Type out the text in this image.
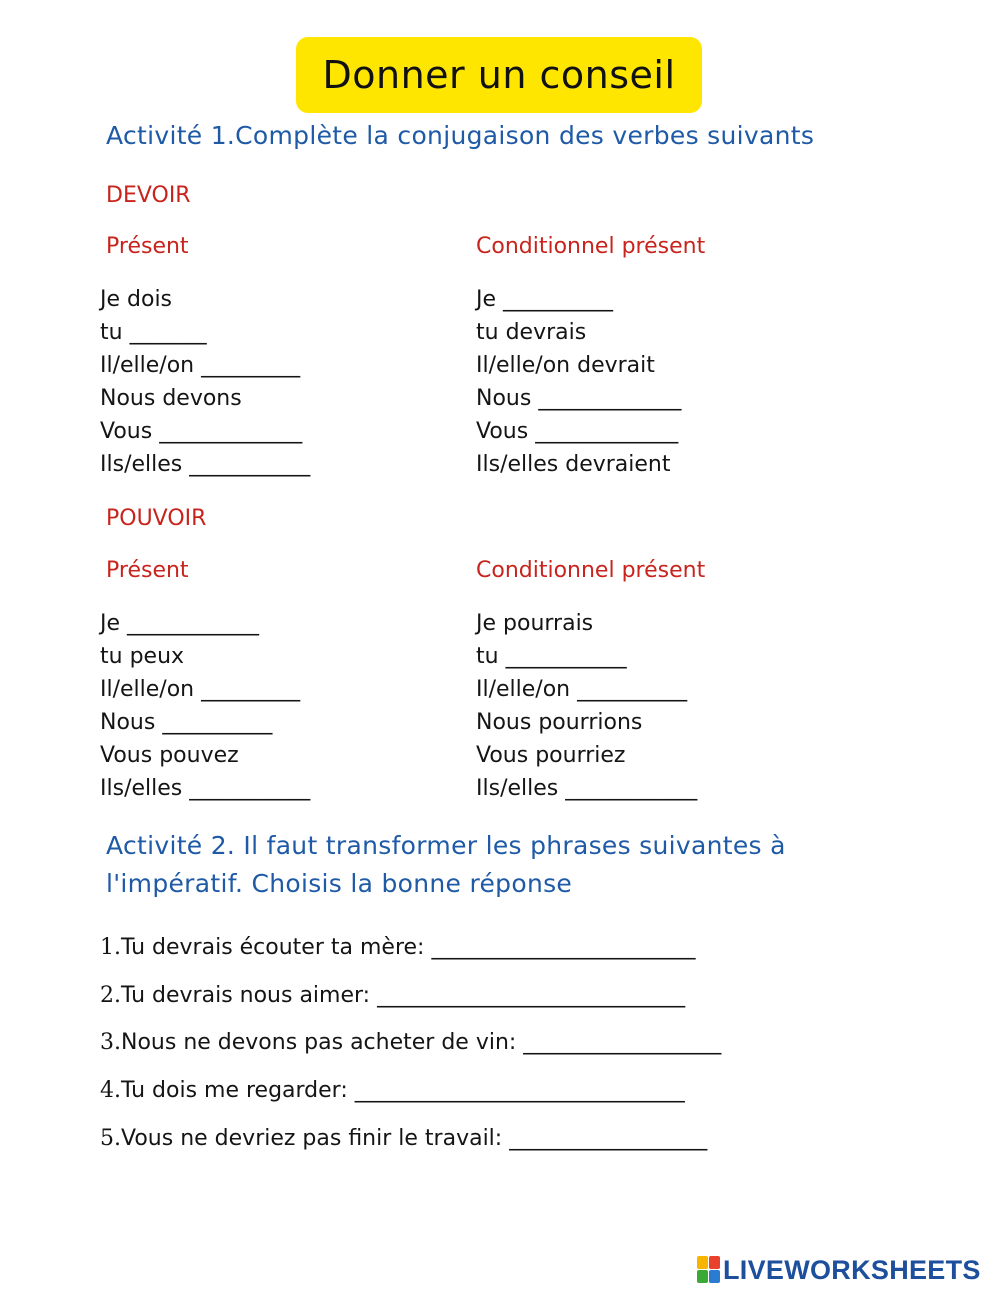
Donner un conseil
Activité 1.Complète la conjugaison des verbes suivants
DEVOIR
Présent	Conditionnel présent
Je dois
tu _______
Il/elle/on _________
Nous devons
Vous _____________
Ils/elles ___________
Je __________
tu devrais
Il/elle/on devrait
Nous _____________
Vous _____________
Ils/elles devraient
POUVOIR
Présent	Conditionnel présent
Je ____________
tu peux
Il/elle/on _________
Nous __________
Vous pouvez
Ils/elles ___________
Je pourrais
tu ___________
Il/elle/on __________
Nous pourrions
Vous pourriez
Ils/elles ____________
Activité 2. Il faut transformer les phrases suivantes à
l'impératif. Choisis la bonne réponse
1.Tu devrais écouter ta mère: ________________________
2.Tu devrais nous aimer: ____________________________
3.Nous ne devons pas acheter de vin: __________________
4.Tu dois me regarder: ______________________________
5.Vous ne devriez pas finir le travail: __________________
LIVEWORKSHEETS
